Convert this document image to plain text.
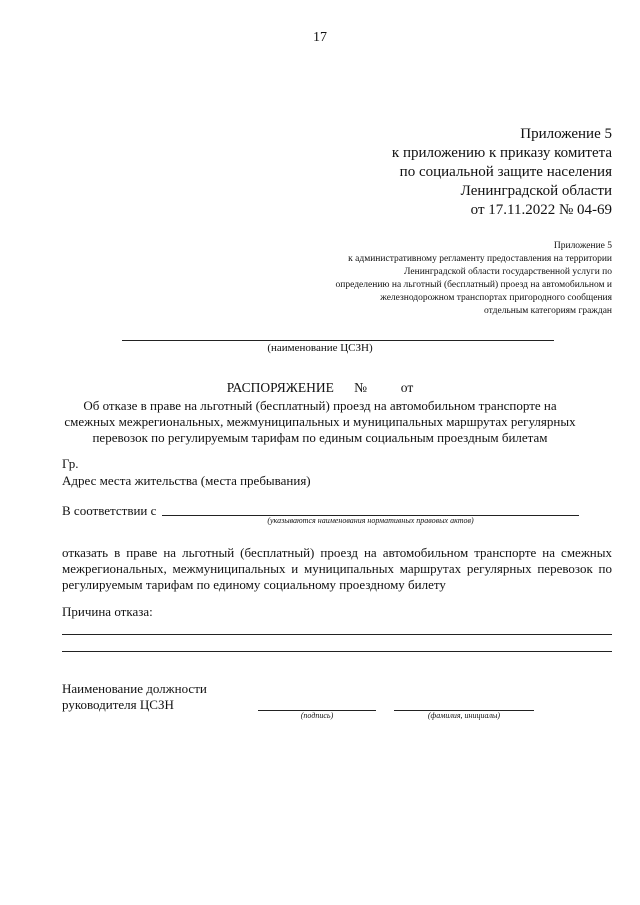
17
Приложение 5
к приложению к приказу комитета
по социальной защите населения
Ленинградской области
от 17.11.2022 № 04-69
Приложение 5
к административному регламенту предоставления на территории
Ленинградской области государственной услуги по
определению на льготный (бесплатный) проезд на автомобильном и
железнодорожном транспортах пригородного сообщения
отдельным категориям граждан
(наименование ЦСЗН)
РАСПОРЯЖЕНИЕ      №          от
Об отказе в праве на льготный (бесплатный) проезд на автомобильном транспорте на смежных межрегиональных, межмуниципальных и муниципальных маршрутах регулярных перевозок по регулируемым тарифам по единым социальным проездным билетам
Гр.
Адрес места жительства (места пребывания)
В соответствии с
(указываются наименования нормативных правовых актов)
отказать в праве на льготный (бесплатный) проезд на автомобильном транспорте на смежных межрегиональных, межмуниципальных и муниципальных маршрутах регулярных перевозок по регулируемым тарифам по единому социальному проездному билету
Причина отказа:
Наименование должности
руководителя ЦСЗН
(подпись)	(фамилия, инициалы)
